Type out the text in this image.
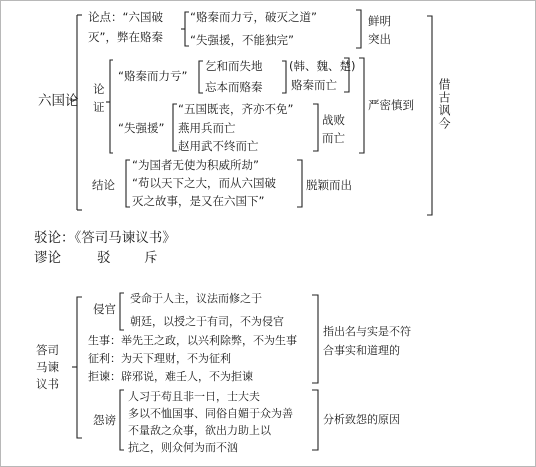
六国论
论点：“六国破
灭”，弊在赂秦
“赂秦而力亏，破灭之道”
“失强援，不能独完”
鲜明
突出
论
证
“赂秦而力亏”
乞和而失地
忘本而赂秦
(韩、魏、楚)
赂秦而亡
“失强援”
“五国既丧，齐亦不免”
燕用兵而亡
赵用武不终而亡
战败
而亡
严密慎到
结论
“为国者无使为积威所劫”
“苟以天下之大，而从六国破
灭之故事，是又在六国下”
脱颖而出
借古讽今
驳论：《答司马谏议书》
谬论	驳 斥
答司马谏议书
侵官
受命于人主，议法而修之于
朝廷，以授之于有司，不为侵官
生事：举先王之政，以兴利除弊，不为生事
征利：为天下理财，不为征利
拒谏：辟邪说，难壬人，不为拒谏
怨谤
人习于苟且非一日，士大夫
多以不恤国事、同俗自媚于众为善
不量敌之众事，欲出力助上以
抗之，则众何为而不汹
指出名与实是不符
合事实和道理的
分析致怨的原因
